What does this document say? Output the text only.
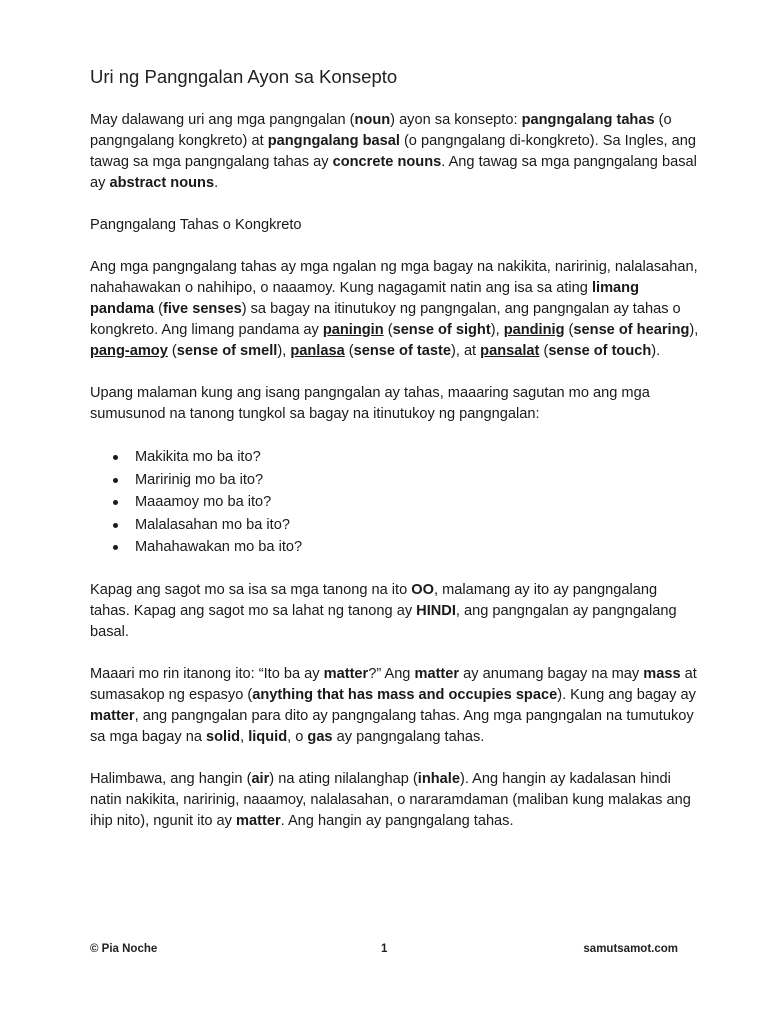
Uri ng Pangngalan Ayon sa Konsepto

May dalawang uri ang mga pangngalan (noun) ayon sa konsepto: pangngalang tahas (o pangngalang kongkreto) at pangngalang basal (o pangngalang di-kongkreto). Sa Ingles, ang tawag sa mga pangngalang tahas ay concrete nouns. Ang tawag sa mga pangngalang basal ay abstract nouns.

Pangngalang Tahas o Kongkreto

Ang mga pangngalang tahas ay mga ngalan ng mga bagay na nakikita, naririnig, nalalasahan, nahahawakan o nahihipo, o naaamoy. Kung nagagamit natin ang isa sa ating limang pandama (five senses) sa bagay na itinutukoy ng pangngalan, ang pangngalan ay tahas o kongkreto. Ang limang pandama ay paningin (sense of sight), pandinig (sense of hearing), pang-amoy (sense of smell), panlasa (sense of taste), at pansalat (sense of touch).

Upang malaman kung ang isang pangngalan ay tahas, maaaring sagutan mo ang mga sumusunod na tanong tungkol sa bagay na itinutukoy ng pangngalan:

Makikita mo ba ito?
Maririnig mo ba ito?
Maaamoy mo ba ito?
Malalasahan mo ba ito?
Mahahawakan mo ba ito?

Kapag ang sagot mo sa isa sa mga tanong na ito OO, malamang ay ito ay pangngalang tahas. Kapag ang sagot mo sa lahat ng tanong ay HINDI, ang pangngalan ay pangngalang basal.

Maaari mo rin itanong ito: “Ito ba ay matter?” Ang matter ay anumang bagay na may mass at sumasakop ng espasyo (anything that has mass and occupies space). Kung ang bagay ay matter, ang pangngalan para dito ay pangngalang tahas. Ang mga pangngalan na tumutukoy sa mga bagay na solid, liquid, o gas ay pangngalang tahas.

Halimbawa, ang hangin (air) na ating nilalanghap (inhale). Ang hangin ay kadalasan hindi natin nakikita, naririnig, naaamoy, nalalasahan, o nararamdaman (maliban kung malakas ang ihip nito), ngunit ito ay matter. Ang hangin ay pangngalang tahas.

© Pia Noche	1	samutsamot.com
